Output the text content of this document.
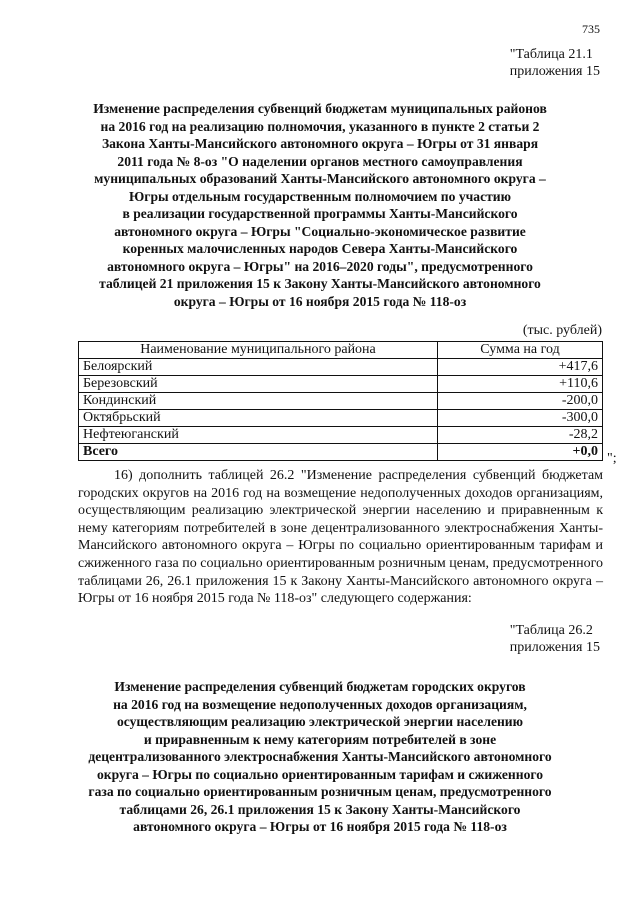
735
"Таблица 21.1
приложения 15
Изменение распределения субвенций бюджетам муниципальных районов
на 2016 год на реализацию полномочия, указанного в пункте 2 статьи 2
Закона Ханты-Мансийского автономного округа – Югры от 31 января
2011 года № 8-оз "О наделении органов местного самоуправления
муниципальных образований Ханты-Мансийского автономного округа –
Югры отдельным государственным полномочием по участию
в реализации государственной программы Ханты-Мансийского
автономного округа – Югры "Социально-экономическое развитие
коренных малочисленных народов Севера Ханты-Мансийского
автономного округа – Югры" на 2016–2020 годы", предусмотренного
таблицей 21 приложения 15 к Закону Ханты-Мансийского автономного
округа – Югры от 16 ноября 2015 года № 118-оз
(тыс. рублей)
Наименование муниципального района	Сумма на год
Белоярский	+417,6
Березовский	+110,6
Кондинский	-200,0
Октябрьский	-300,0
Нефтеюганский	-28,2
Всего	+0,0 ";
16) дополнить таблицей 26.2 "Изменение распределения субвенций бюджетам городских округов на 2016 год на возмещение недополученных доходов организациям, осуществляющим реализацию электрической энергии населению и приравненным к нему категориям потребителей в зоне децентрализованного электроснабжения Ханты-Мансийского автономного округа – Югры по социально ориентированным тарифам и сжиженного газа по социально ориентированным розничным ценам, предусмотренного таблицами 26, 26.1 приложения 15 к Закону Ханты-Мансийского автономного округа – Югры от 16 ноября 2015 года № 118-оз" следующего содержания:
"Таблица 26.2
приложения 15
Изменение распределения субвенций бюджетам городских округов
на 2016 год на возмещение недополученных доходов организациям,
осуществляющим реализацию электрической энергии населению
и приравненным к нему категориям потребителей в зоне
децентрализованного электроснабжения Ханты-Мансийского автономного
округа – Югры по социально ориентированным тарифам и сжиженного
газа по социально ориентированным розничным ценам, предусмотренного
таблицами 26, 26.1 приложения 15 к Закону Ханты-Мансийского
автономного округа – Югры от 16 ноября 2015 года № 118-оз
